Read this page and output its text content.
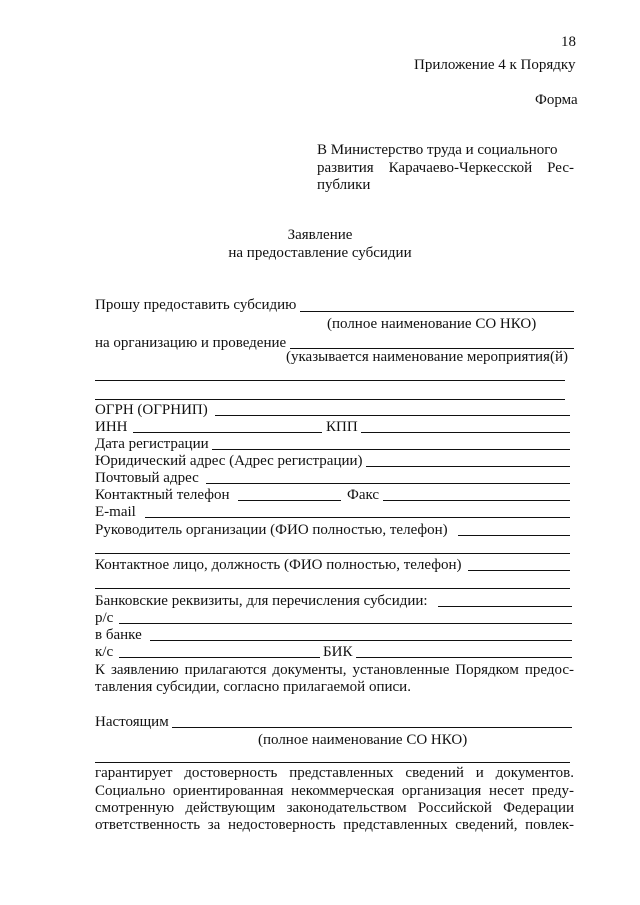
18
Приложение 4 к Порядку
Форма
В Министерство труда и социального
развития Карачаево-Черкесской Рес-
публики
Заявление
на предоставление субсидии
Прошу предоставить субсидию
(полное наименование СО НКО)
на организацию и проведение
(указывается наименование мероприятия(й)
ОГРН (ОГРНИП)
ИНН	КПП
Дата регистрации
Юридический адрес (Адрес регистрации)
Почтовый адрес
Контактный телефон	Факс
E-mail
Руководитель организации (ФИО полностью, телефон)
Контактное лицо, должность (ФИО полностью, телефон)
Банковские реквизиты, для перечисления субсидии:
р/с
в банке
к/с	БИК
К заявлению прилагаются документы, установленные Порядком предос-
тавления субсидии, согласно прилагаемой описи.
Настоящим
(полное наименование СО НКО)
гарантирует достоверность представленных сведений и документов.
Социально ориентированная некоммерческая организация несет преду-
смотренную действующим законодательством Российской Федерации
ответственность за недостоверность представленных сведений, повлек-
